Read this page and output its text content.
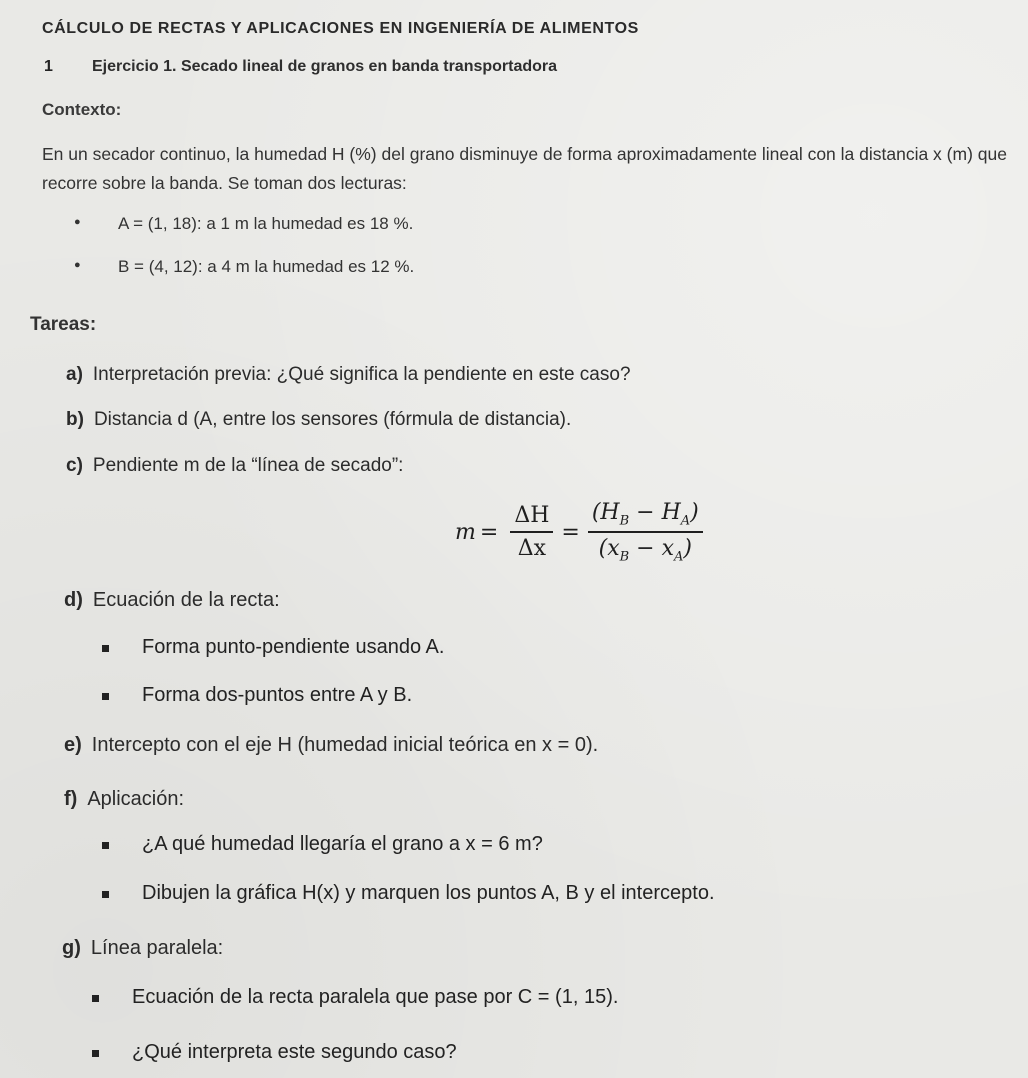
CÁLCULO DE RECTAS Y APLICACIONES EN INGENIERÍA DE ALIMENTOS
1 Ejercicio 1. Secado lineal de granos en banda transportadora
Contexto:
En un secador continuo, la humedad H (%) del grano disminuye de forma aproximadamente lineal con la distancia x (m) que recorre sobre la banda. Se toman dos lecturas:
● A = (1, 18): a 1 m la humedad es 18 %.
● B = (4, 12): a 4 m la humedad es 12 %.
Tareas:
a) Interpretación previa: ¿Qué significa la pendiente en este caso?
b) Distancia d (A, entre los sensores (fórmula de distancia).
c) Pendiente m de la “línea de secado”:
$m = \frac{\Delta H}{\Delta x} = \frac{(H_B - H_A)}{(x_B - x_A)}$
d) Ecuación de la recta:
Forma punto-pendiente usando A.
Forma dos-puntos entre A y B.
e) Intercepto con el eje H (humedad inicial teórica en x = 0).
f) Aplicación:
¿A qué humedad llegaría el grano a x = 6 m?
Dibujen la gráfica H(x) y marquen los puntos A, B y el intercepto.
g) Línea paralela:
Ecuación de la recta paralela que pase por C = (1, 15).
¿Qué interpreta este segundo caso?
